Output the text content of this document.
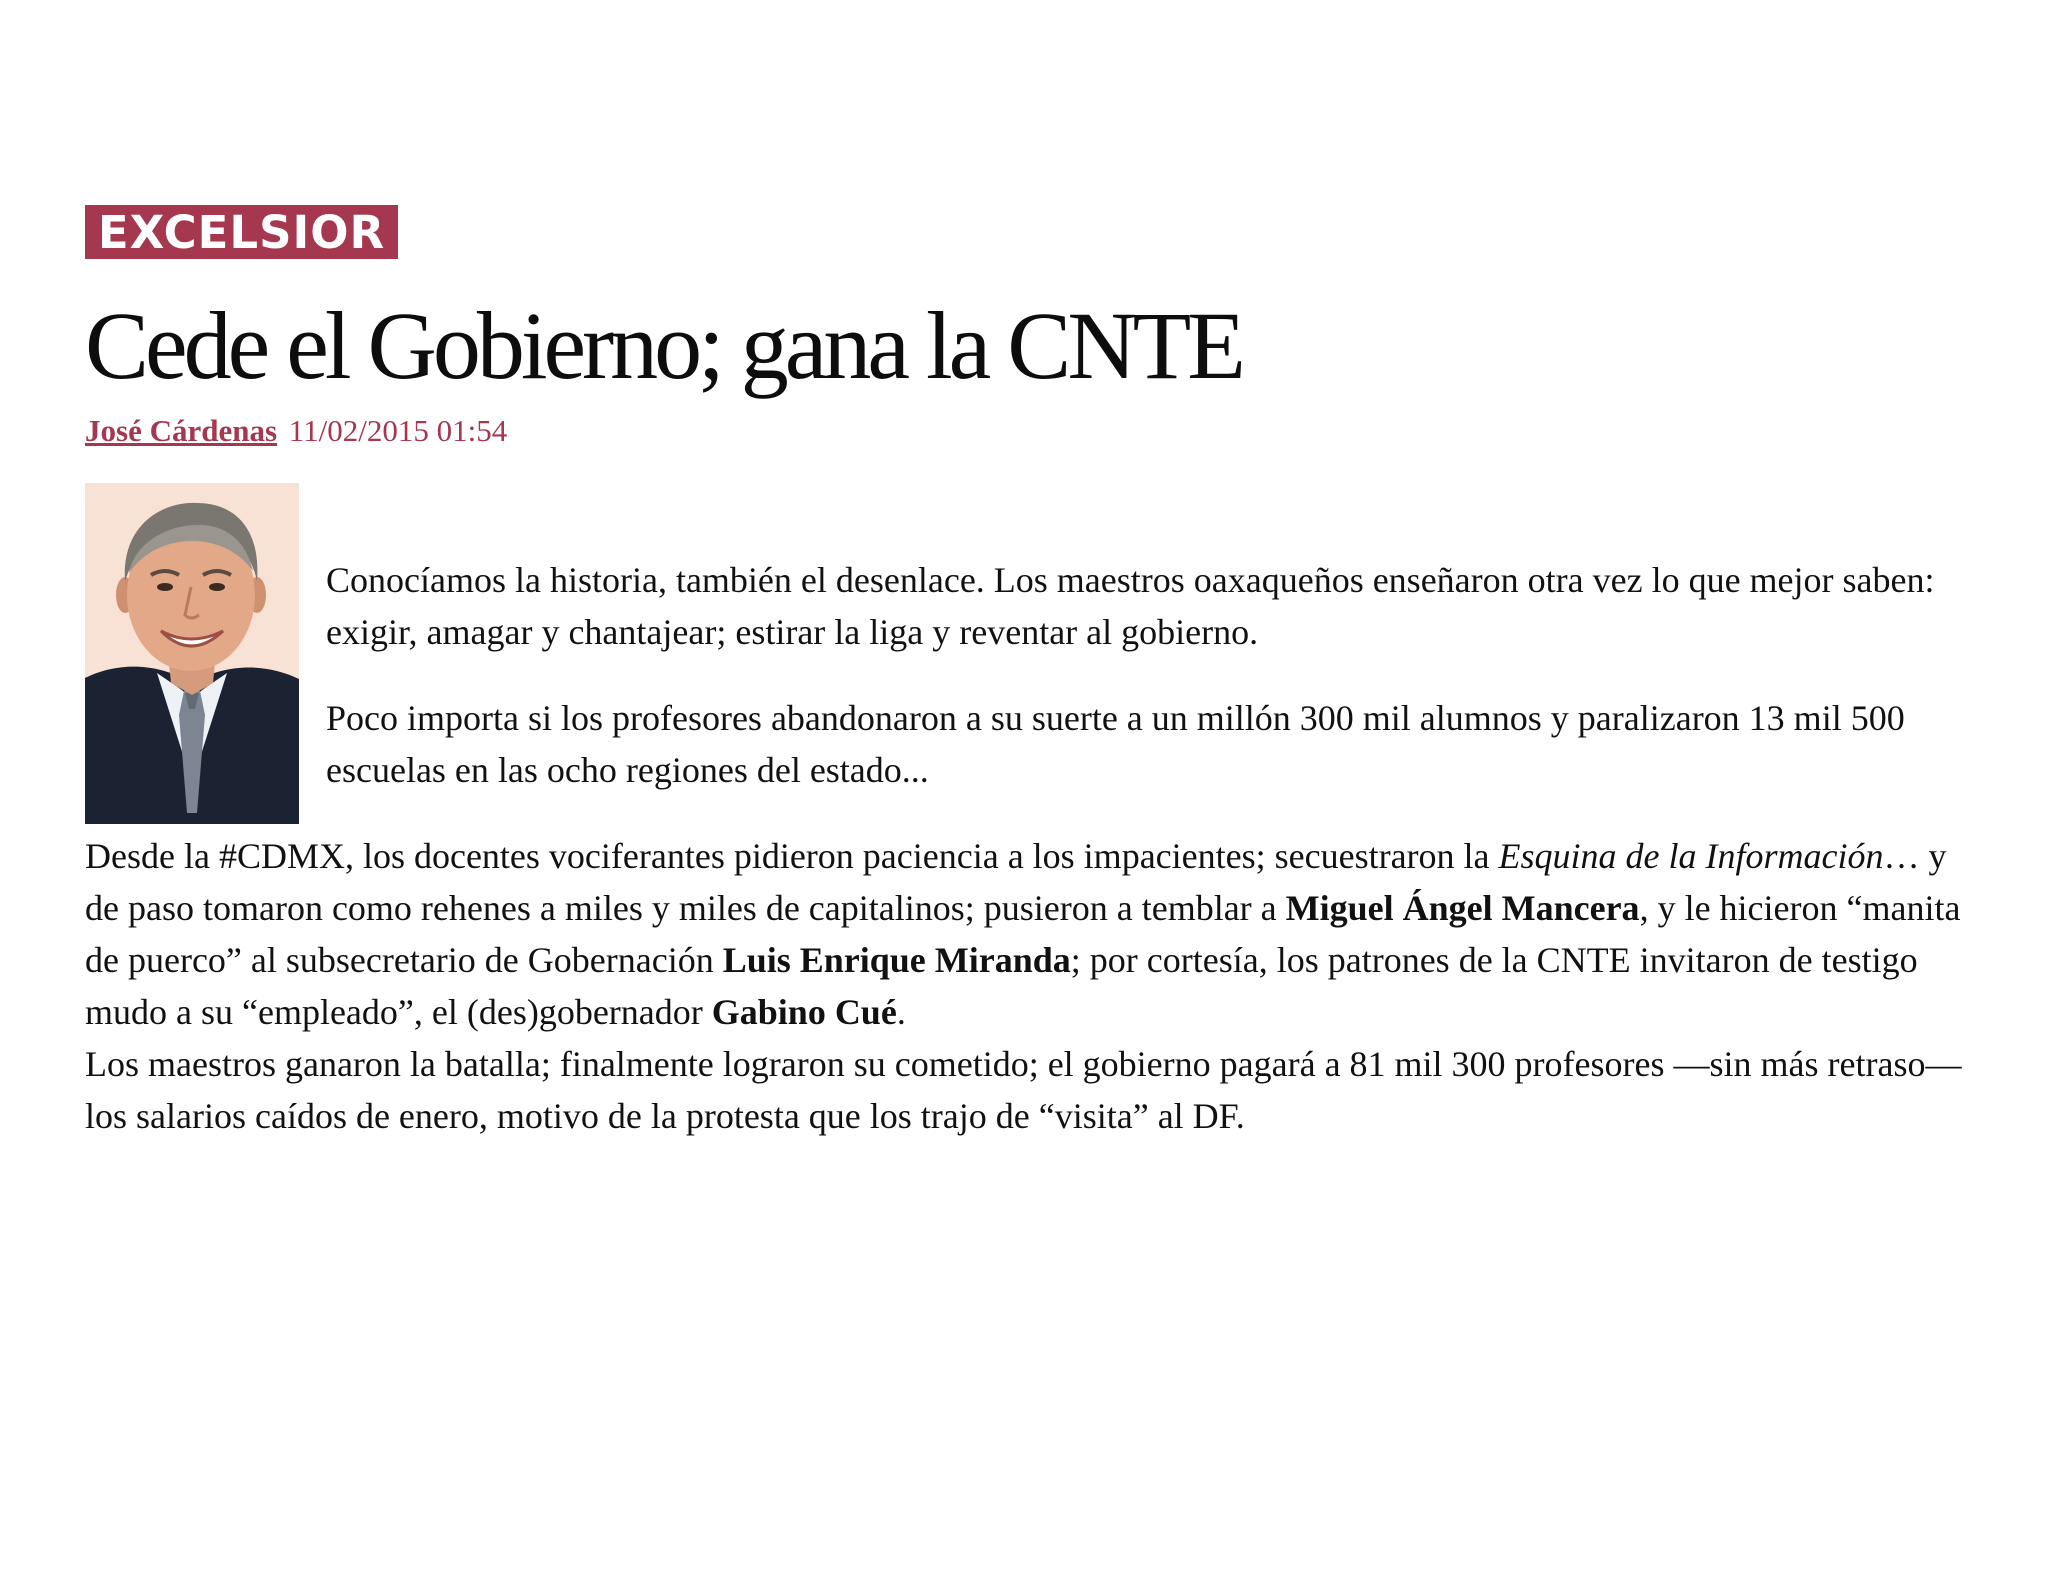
EXCELSIOR
Cede el Gobierno; gana la CNTE
José Cárdenas 11/02/2015 01:54

Conocíamos la historia, también el desenlace. Los maestros oaxaqueños enseñaron otra vez lo que mejor saben: exigir, amagar y chantajear; estirar la liga y reventar al gobierno.

Poco importa si los profesores abandonaron a su suerte a un millón 300 mil alumnos y paralizaron 13 mil 500 escuelas en las ocho regiones del estado...

Desde la #CDMX, los docentes vociferantes pidieron paciencia a los impacientes; secuestraron la Esquina de la Información… y de paso tomaron como rehenes a miles y miles de capitalinos; pusieron a temblar a Miguel Ángel Mancera, y le hicieron “manita de puerco” al subsecretario de Gobernación Luis Enrique Miranda; por cortesía, los patrones de la CNTE invitaron de testigo mudo a su “empleado”, el (des)gobernador Gabino Cué.

Los maestros ganaron la batalla; finalmente lograron su cometido; el gobierno pagará a 81 mil 300 profesores —sin más retraso— los salarios caídos de enero, motivo de la protesta que los trajo de “visita” al DF.
